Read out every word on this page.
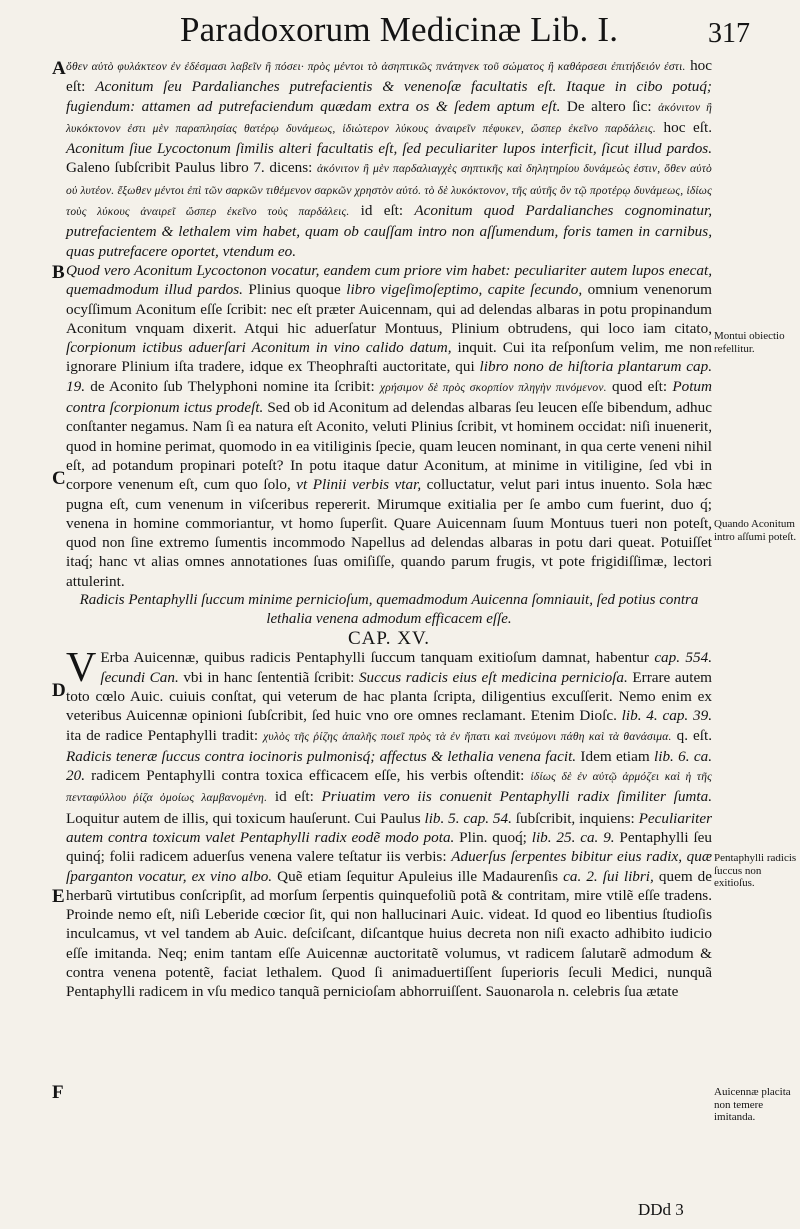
Paradoxorum Medicinæ Lib. I.	317
A
B
C
D
E
F
Montui obiectio refellitur.
Quando Aconitum intro aſſumi poteſt.
Pentaphylli radicis ſuccus non exitioſus.
Auicennæ placita non temere imitanda.

ὅθεν αὐτὸ φυλάκτεον ἐν ἐδέσμασι λαβεῖν ἢ πόσει· πρὸς μέντοι τὸ ἀσηπτικῶς πνάτηνεκ τοῦ σώματος ἢ καθάρσεσι ἐπιτήδειόν ἐστι. hoc eſt: Aconitum ſeu Pardalianches putrefacientis & venenoſæ facultatis eſt. Itaque in cibo potuq́; fugiendum: attamen ad putrefaciendum quædam extra os & ſedem aptum eſt. De altero ſic: ἀκόνιτον ἢ λυκόκτονον ἐστι μὲν παραπλησίας θατέρῳ δυνάμεως, ἰδιώτερον λύκους ἀναιρεῖν πέφυκεν, ὥσπερ ἐκεῖνο παρδάλεις. hoc eſt. Aconitum ſiue Lycoctonum ſimilis alteri facultatis eſt, ſed peculiariter lupos interficit, ſicut illud pardos. Galeno ſubſcribit Paulus libro 7. dicens: ἀκόνιτον ἢ μὲν παρδαλιαγχὲς σηπτικῆς καὶ δηλητηρίου δυνάμεώς ἐστιν, ὅθεν αὐτὸ οὐ λυτέον. ἔξωθεν μέντοι ἐπὶ τῶν σαρκῶν τιθέμενον σαρκῶν χρηστὸν αὐτό. τὸ δὲ λυκόκτονον, τῆς αὐτῆς ὂν τῷ προτέρῳ δυνάμεως, ἰδίως τοὺς λύκους ἀναιρεῖ ὥσπερ ἐκεῖνο τοὺς παρδάλεις. id eſt: Aconitum quod Pardalianches cognominatur, putrefacientem & lethalem vim habet, quam ob cauſſam intro non aſſumendum, foris tamen in carnibus, quas putrefacere oportet, vtendum eo.

Quod vero Aconitum Lycoctonon vocatur, eandem cum priore vim habet: peculiariter autem lupos enecat, quemadmodum illud pardos. Plinius quoque libro vigeſimoſeptimo, capite ſecundo, omnium venenorum ocyſſimum Aconitum eſſe ſcribit: nec eſt præter Auicennam, qui ad delendas albaras in potu propinandum Aconitum vnquam dixerit. Atqui hic aduerſatur Montuus, Plinium obtrudens, qui loco iam citato, ſcorpionum ictibus aduerſari Aconitum in vino calido datum, inquit. Cui ita reſponſum velim, me non ignorare Plinium iſta tradere, idque ex Theophraſti auctoritate, qui libro nono de hiſtoria plantarum cap. 19. de Aconito ſub Thelyphoni nomine ita ſcribit: χρήσιμον δὲ πρὸς σκορπίον πληγὴν πινόμενον. quod eſt: Potum contra ſcorpionum ictus prodeſt. Sed ob id Aconitum ad delendas albaras ſeu leucen eſſe bibendum, adhuc conſtanter negamus. Nam ſi ea natura eſt Aconito, veluti Plinius ſcribit, vt hominem occidat: niſi inuenerit, quod in homine perimat, quomodo in ea vitiliginis ſpecie, quam leucen nominant, in qua certe veneni nihil eſt, ad potandum propinari poteſt? In potu itaque datur Aconitum, at minime in vitiligine, ſed vbi in corpore venenum eſt, cum quo ſolo, vt Plinii verbis vtar, colluctatur, velut pari intus inuento. Sola hæc pugna eſt, cum venenum in viſceribus repererit. Mirumque exitialia per ſe ambo cum fuerint, duo q́; venena in homine commoriantur, vt homo ſuperſit. Quare Auicennam ſuum Montuus tueri non poteſt, quod non ſine extremo ſumentis incommodo Napellus ad delendas albaras in potu dari queat. Potuiſſet itaq́; hanc vt alias omnes annotationes ſuas omiſiſſe, quando parum frugis, vt pote frigidiſſimæ, lectori attulerint.

Radicis Pentaphylli ſuccum minime pernicioſum, quemadmodum Auicenna ſomniauit, ſed potius contra lethalia venena admodum efficacem eſſe.

CAP. XV.

V Erba Auicennæ, quibus radicis Pentaphylli ſuccum tanquam exitioſum damnat, habentur cap. 554. ſecundi Can. vbi in hanc ſententiã ſcribit: Succus radicis eius eſt medicina pernicioſa. Errare autem toto cœlo Auic. cuiuis conſtat, qui veterum de hac planta ſcripta, diligentius excuſſerit. Nemo enim ex veteribus Auicennæ opinioni ſubſcribit, ſed huic vno ore omnes reclamant. Etenim Dioſc. lib. 4. cap. 39. ita de radice Pentaphylli tradit: χυλὸς τῆς ῥίζης ἁπαλῆς ποιεῖ πρὸς τὰ ἐν ἥπατι καὶ πνεύμονι πάθη καὶ τὰ θανάσιμα. q. eſt. Radicis teneræ ſuccus contra iocinoris pulmonisq́; affectus & lethalia venena facit. Idem etiam lib. 6. ca. 20. radicem Pentaphylli contra toxica efficacem eſſe, his verbis oſtendit: ἰδίως δὲ ἐν αὐτῷ ἁρμόζει καὶ ἡ τῆς πενταφύλλου ῥίζα ὁμοίως λαμβανομένη. id eſt: Priuatim vero iis conuenit Pentaphylli radix ſimiliter ſumta. Loquitur autem de illis, qui toxicum hauſerunt. Cui Paulus lib. 5. cap. 54. ſubſcribit, inquiens: Peculiariter autem contra toxicum valet Pentaphylli radix eodẽ modo pota. Plin. quoq́; lib. 25. ca. 9. Pentaphylli ſeu quinq́; folii radicem aduerſus venena valere teſtatur iis verbis: Aduerſus ſerpentes bibitur eius radix, quæ ſparganton vocatur, ex vino albo. Quẽ etiam ſequitur Apuleius ille Madaurenſis ca. 2. ſui libri, quem de herbarũ virtutibus conſcripſit, ad morſum ſerpentis quinquefoliũ potã & contritam, mire vtilẽ eſſe tradens. Proinde nemo eſt, niſi Leberide cœcior ſit, qui non hallucinari Auic. videat. Id quod eo libentius ſtudioſis inculcamus, vt vel tandem ab Auic. deſciſcant, diſcantque huius decreta non niſi exacto adhibito iudicio eſſe imitanda. Neq; enim tantam eſſe Auicennæ auctoritatẽ volumus, vt radicem ſalutarẽ admodum & contra venena potentẽ, faciat lethalem. Quod ſi animaduertiſſent ſuperioris ſeculi Medici, nunquã Pentaphylli radicem in vſu medico tanquã pernicioſam abhorruiſſent. Sauonarola n. celebris ſua ætate

DDd 3
